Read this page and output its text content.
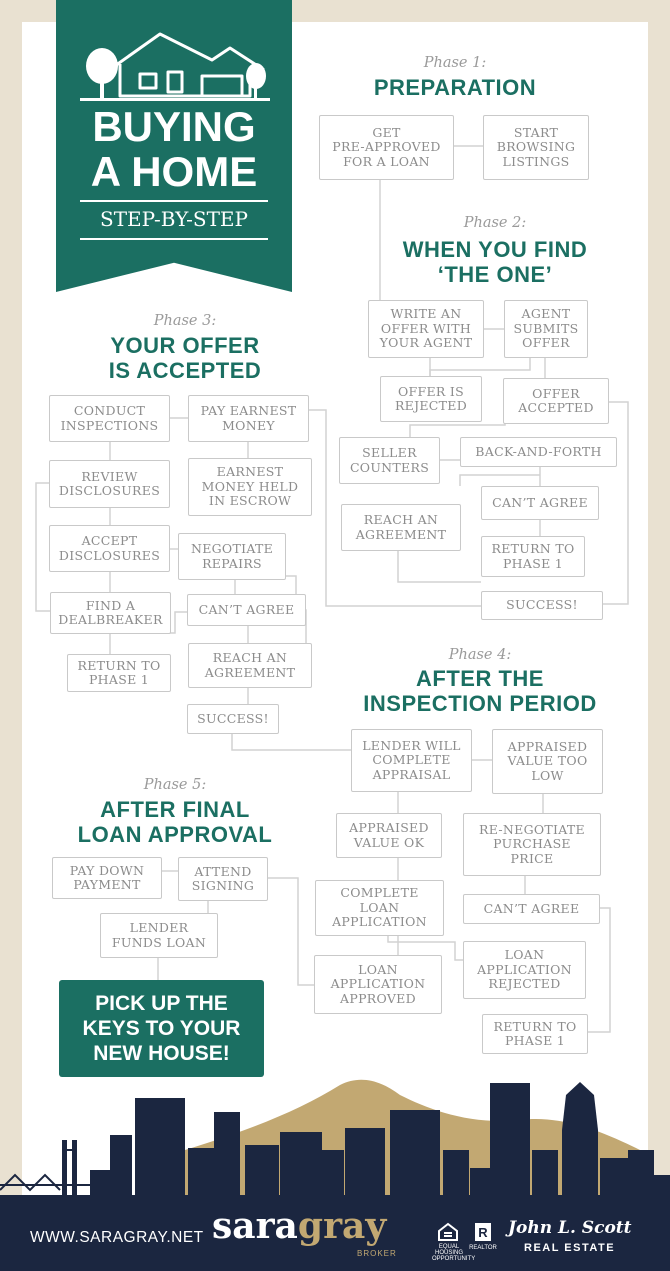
BUYING
A HOME
STEP-BY-STEP
Phase 1:
PREPARATION
GET
PRE-APPROVED
FOR A LOAN
START
BROWSING
LISTINGS
Phase 2:
WHEN YOU FIND
‘THE ONE’
WRITE AN
OFFER WITH
YOUR AGENT
AGENT
SUBMITS
OFFER
OFFER IS
REJECTED
OFFER
ACCEPTED
SELLER
COUNTERS
BACK-AND-FORTH
CAN’T AGREE
REACH AN
AGREEMENT
RETURN TO
PHASE 1
SUCCESS!
Phase 3:
YOUR OFFER
IS ACCEPTED
CONDUCT
INSPECTIONS
PAY EARNEST
MONEY
REVIEW
DISCLOSURES
EARNEST
MONEY HELD
IN ESCROW
ACCEPT
DISCLOSURES	NEGOTIATE
REPAIRS
FIND A
DEALBREAKER
CAN’T AGREE
RETURN TO
PHASE 1
REACH AN
AGREEMENT
SUCCESS!
Phase 4:
AFTER THE
INSPECTION PERIOD
LENDER WILL
COMPLETE
APPRAISAL
APPRAISED
VALUE TOO
LOW
APPRAISED
VALUE OK
RE-NEGOTIATE
PURCHASE
PRICE
COMPLETE
LOAN
APPLICATION
CAN’T AGREE
LOAN
APPLICATION
REJECTED
LOAN
APPLICATION
APPROVED
RETURN TO
PHASE 1
Phase 5:
AFTER FINAL
LOAN APPROVAL
PAY DOWN
PAYMENT
ATTEND
SIGNING
LENDER
FUNDS LOAN
PICK UP THE
KEYS TO YOUR
NEW HOUSE!
WWW.SARAGRAY.NET saragray
BROKER
EQUAL HOUSING
OPPORTUNITY
R
REALTOR
John L. Scott
REAL ESTATE
